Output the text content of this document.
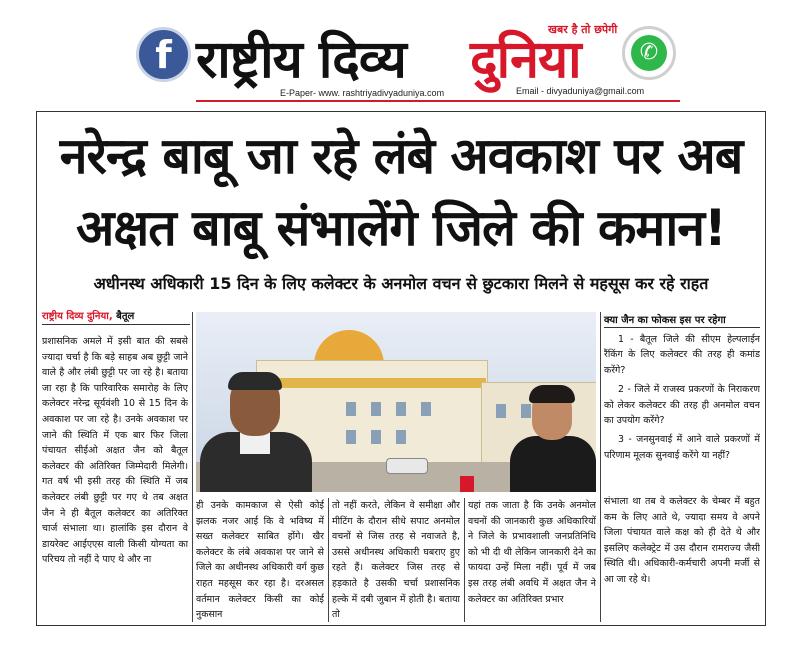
f राष्ट्रीय दिव्य दुनिया
खबर है तो छपेगी
✆
E-Paper- www. rashtriyadivyaduniya.com	Email - divyaduniya@gmail.com
नरेन्द्र बाबू जा रहे लंबे अवकाश पर अब
अक्षत बाबू संभालेंगे जिले की कमान!
अधीनस्थ अधिकारी 15 दिन के लिए कलेक्टर के अनमोल वचन से छुटकारा मिलने से महसूस कर रहे राहत
राष्ट्रीय दिव्य दुनिया, बैतूल
प्रशासनिक अमले में इसी बात की सबसे ज्यादा चर्चा है कि बड़े साहब अब छुट्टी जाने वाले है और लंबी छुट्टी पर जा रहे है। बताया जा रहा है कि पारिवारिक समारोह के लिए कलेक्टर नरेन्द्र सूर्यवंशी 10 से 15 दिन के अवकाश पर जा रहे है। उनके अवकाश पर जाने की स्थिति में एक बार फिर जिला पंचायत सीईओ अक्षत जैन को बैतूल कलेक्टर की अतिरिक्त जिम्मेदारी मिलेगी। गत वर्ष भी इसी तरह की स्थिति में जब कलेक्टर लंबी छुट्टी पर गए थे तब अक्षत जैन ने ही बैतूल कलेक्टर का अतिरिक्त चार्ज संभाला था। हालांकि इस दौरान वे डायरेक्ट आईएएस वाली किसी योग्यता का परिचय तो नहीं दे पाए थे और ना
ही उनके कामकाज से ऐसी कोई झलक नजर आई कि वे भविष्य में सख्त कलेक्टर साबित होंगे। खैर कलेक्टर के लंबे अवकाश पर जाने से जिले का अधीनस्थ अधिकारी वर्ग कुछ राहत महसूस कर रहा है। दरअसल वर्तमान कलेक्टर किसी का कोई नुकसान
तो नहीं करते, लेकिन वे समीक्षा और मीटिंग के दौरान सीधे सपाट अनमोल वचनों से जिस तरह से नवाजते है, उससे अधीनस्थ अधिकारी घबराए हुए रहते हैं। कलेक्टर जिस तरह से हड़काते है उसकी चर्चा प्रशासनिक हल्के में दबी जुबान में होती है। बताया तो
यहां तक जाता है कि उनके अनमोल वचनों की जानकारी कुछ अधिकारियों ने जिले के प्रभावशाली जनप्रतिनिधि को भी दी थी लेकिन जानकारी देने का फायदा उन्हें मिला नहीं। पूर्व में जब इस तरह लंबी अवधि में अक्षत जैन ने कलेक्टर का अतिरिक्त प्रभार
क्या जैन का फोकस इस पर रहेगा

1 - बैतूल जिले की सीएम हेल्पलाईन रैंकिंग के लिए कलेक्टर की तरह ही कमांड करेंगे?

2 - जिले में राजस्व प्रकरणों के निराकरण को लेकर कलेक्टर की तरह ही अनमोल वचन का उपयोग करेंगे?

3 - जनसुनवाई में आने वाले प्रकरणों में परिणाम मूलक सुनवाई करेंगे या नहीं?

संभाला था तब वे कलेक्टर के चेम्बर में बहुत कम के लिए आते थे, ज्यादा समय वे अपने जिला पंचायत वाले कक्ष को ही देते थे और इसलिए कलेक्ट्रेट में उस दौरान रामराज्य जैसी स्थिति थी। अधिकारी-कर्मचारी अपनी मर्जी से आ जा रहे थे।
